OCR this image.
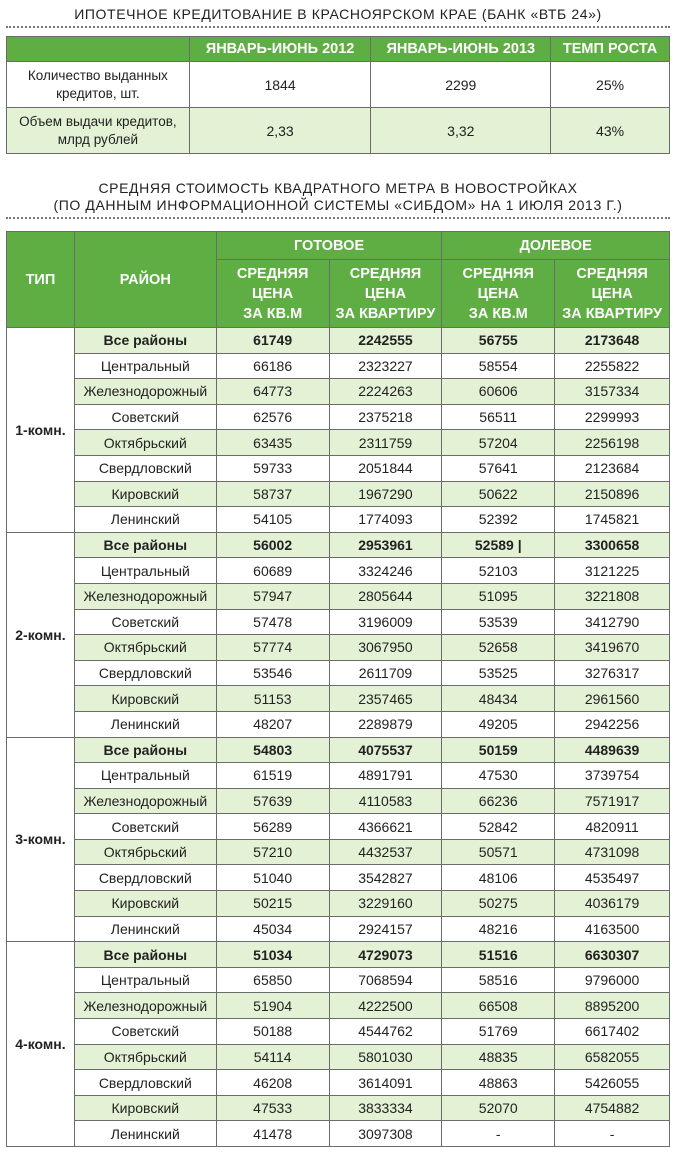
ИПОТЕЧНОЕ КРЕДИТОВАНИЕ В КРАСНОЯРСКОМ КРАЕ (БАНК «ВТБ 24»)
	ЯНВАРЬ-ИЮНЬ 2012	ЯНВАРЬ-ИЮНЬ 2013	ТЕМП РОСТА
Количество выданных
кредитов, шт.	1844	2299	25%
Объем выдачи кредитов,
млрд рублей	2,33	3,32	43%
СРЕДНЯЯ СТОИМОСТЬ КВАДРАТНОГО МЕТРА В НОВОСТРОЙКАХ
(ПО ДАННЫМ ИНФОРМАЦИОННОЙ СИСТЕМЫ «СИБДОМ» НА 1 ИЮЛЯ 2013 Г.)
ТИП	РАЙОН	ГОТОВОЕ		ДОЛЕВОЕ	
		СРЕДНЯЯ
ЦЕНА
ЗА КВ.М	СРЕДНЯЯ
ЦЕНА
ЗА КВАРТИРУ	СРЕДНЯЯ
ЦЕНА
ЗА КВ.М	СРЕДНЯЯ
ЦЕНА
ЗА КВАРТИРУ
1-комн.	Все районы	61749	2242555	56755	2173648
	Центральный	66186	2323227	58554	2255822
	Железнодорожный	64773	2224263	60606	3157334
	Советский	62576	2375218	56511	2299993
	Октябрьский	63435	2311759	57204	2256198
	Свердловский	59733	2051844	57641	2123684
	Кировский	58737	1967290	50622	2150896
	Ленинский	54105	1774093	52392	1745821
2-комн.	Все районы	56002	2953961	52589 |	3300658
	Центральный	60689	3324246	52103	3121225
	Железнодорожный	57947	2805644	51095	3221808
	Советский	57478	3196009	53539	3412790
	Октябрьский	57774	3067950	52658	3419670
	Свердловский	53546	2611709	53525	3276317
	Кировский	51153	2357465	48434	2961560
	Ленинский	48207	2289879	49205	2942256
3-комн.	Все районы	54803	4075537	50159	4489639
	Центральный	61519	4891791	47530	3739754
	Железнодорожный	57639	4110583	66236	7571917
	Советский	56289	4366621	52842	4820911
	Октябрьский	57210	4432537	50571	4731098
	Свердловский	51040	3542827	48106	4535497
	Кировский	50215	3229160	50275	4036179
	Ленинский	45034	2924157	48216	4163500
4-комн.	Все районы	51034	4729073	51516	6630307
	Центральный	65850	7068594	58516	9796000
	Железнодорожный	51904	4222500	66508	8895200
	Советский	50188	4544762	51769	6617402
	Октябрьский	54114	5801030	48835	6582055
	Свердловский	46208	3614091	48863	5426055
	Кировский	47533	3833334	52070	4754882
	Ленинский	41478	3097308	-	-
